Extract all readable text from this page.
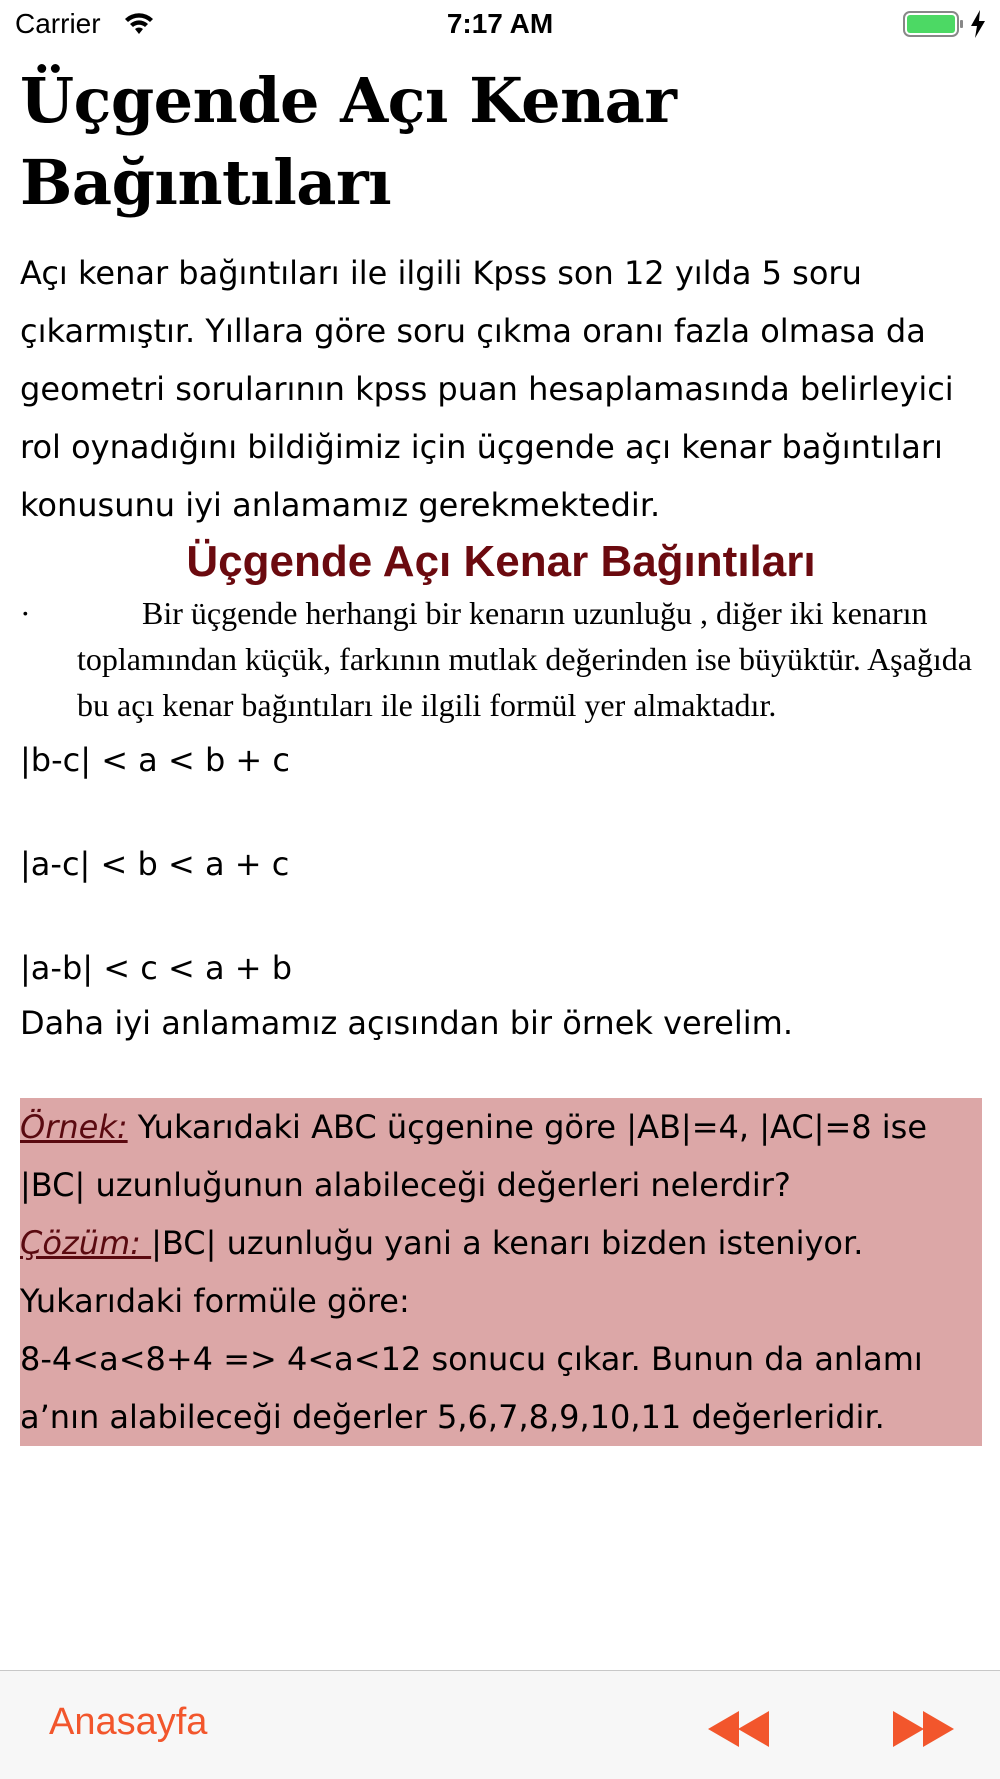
Carrier	7:17 AM
Üçgende Açı Kenar Bağıntıları

Açı kenar bağıntıları ile ilgili Kpss son 12 yılda 5 soru çıkarmıştır. Yıllara göre soru çıkma oranı fazla olmasa da geometri sorularının kpss puan hesaplamasında belirleyici rol oynadığını bildiğimiz için üçgende açı kenar bağıntıları konusunu iyi anlamamız gerekmektedir.

Üçgende Açı Kenar Bağıntıları
·	Bir üçgende herhangi bir kenarın uzunluğu , diğer iki kenarın toplamından küçük, farkının mutlak değerinden ise büyüktür. Aşağıda bu açı kenar bağıntıları ile ilgili formül yer almaktadır.

|b-c| < a < b + c

|a-c| < b < a + c

|a-b| < c < a + b

Daha iyi anlamamız açısından bir örnek verelim.

Örnek: Yukarıdaki ABC üçgenine göre |AB|=4, |AC|=8 ise |BC| uzunluğunun alabileceği değerleri nelerdir?

Çözüm: |BC| uzunluğu yani a kenarı bizden isteniyor.

Yukarıdaki formüle göre:

8-4<a<8+4 => 4<a<12 sonucu çıkar. Bunun da anlamı a’nın alabileceği değerler 5,6,7,8,9,10,11 değerleridir.

Anasayfa
